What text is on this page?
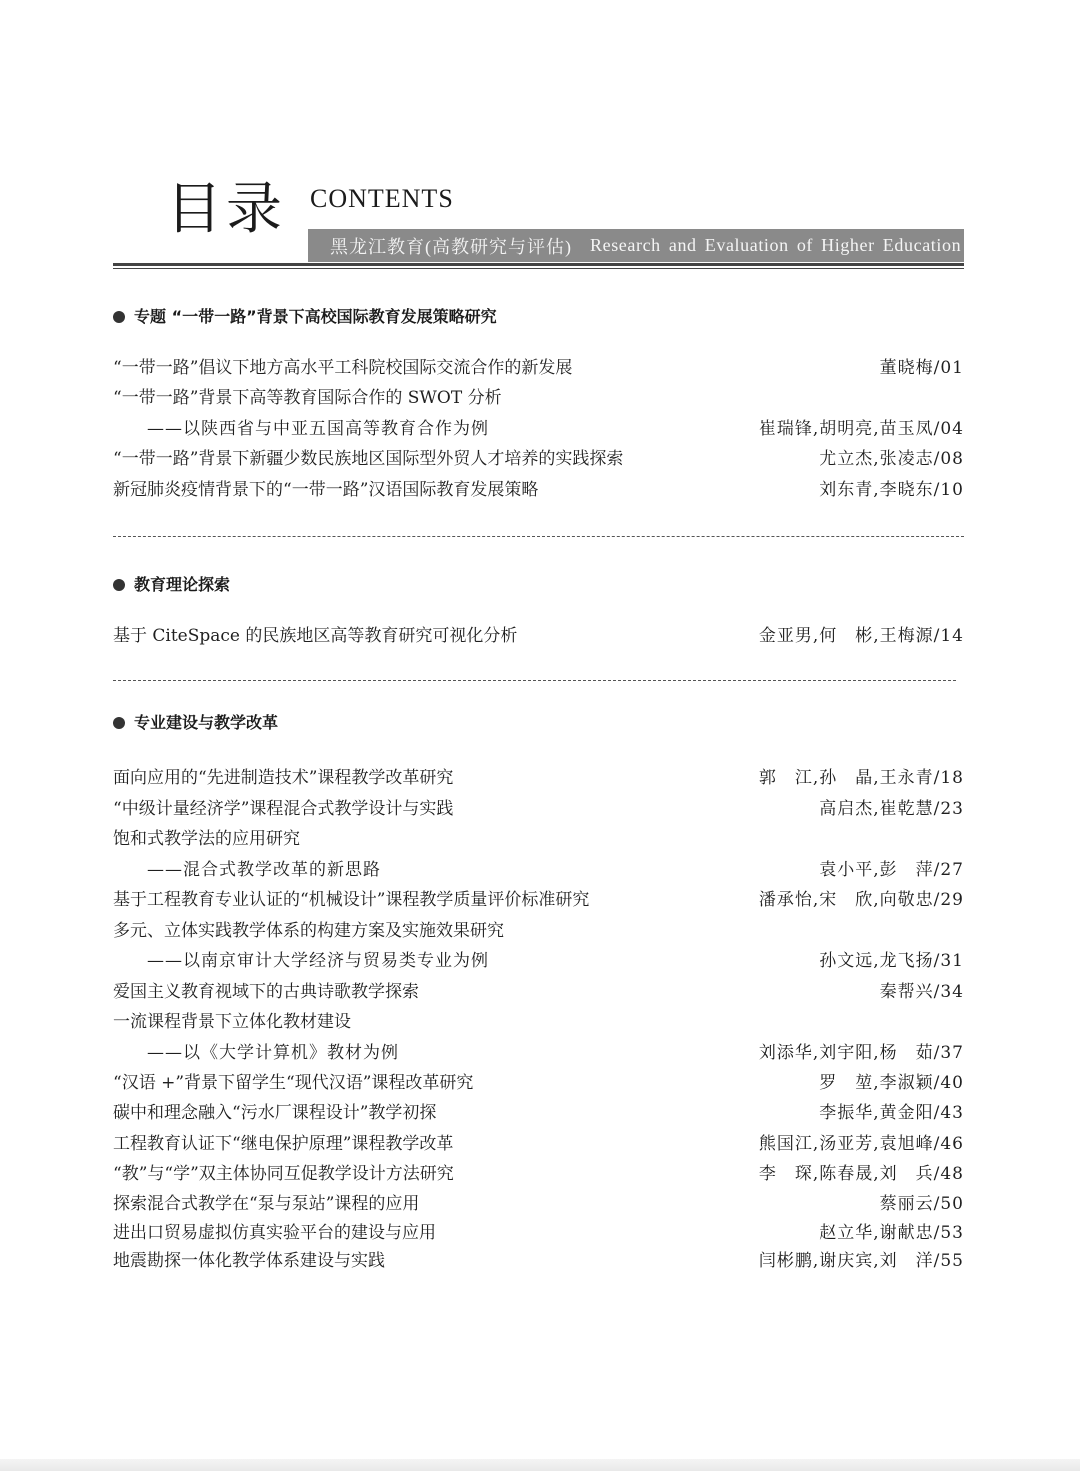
目录 CONTENTS
黑龙江教育(高教研究与评估) Research and Evaluation of Higher Education
专题 “一带一路”背景下高校国际教育发展策略研究
“一带一路”倡议下地方高水平工科院校国际交流合作的新发展	董晓梅/01
“一带一路”背景下高等教育国际合作的 SWOT 分析
——以陕西省与中亚五国高等教育合作为例	崔瑞锋,胡明亮,苗玉凤/04
“一带一路”背景下新疆少数民族地区国际型外贸人才培养的实践探索	尤立杰,张凌志/08
新冠肺炎疫情背景下的“一带一路”汉语国际教育发展策略	刘东青,李晓东/10
教育理论探索
基于 CiteSpace 的民族地区高等教育研究可视化分析	金亚男,何　彬,王梅源/14
专业建设与教学改革
面向应用的“先进制造技术”课程教学改革研究	郭　江,孙　晶,王永青/18
“中级计量经济学”课程混合式教学设计与实践	高启杰,崔乾慧/23
饱和式教学法的应用研究
——混合式教学改革的新思路	袁小平,彭　萍/27
基于工程教育专业认证的“机械设计”课程教学质量评价标准研究	潘承怡,宋　欣,向敬忠/29
多元、立体实践教学体系的构建方案及实施效果研究
——以南京审计大学经济与贸易类专业为例	孙文远,龙飞扬/31
爱国主义教育视域下的古典诗歌教学探索	秦帮兴/34
一流课程背景下立体化教材建设
——以《大学计算机》教材为例	刘添华,刘宇阳,杨　茹/37
“汉语 +”背景下留学生“现代汉语”课程改革研究	罗　堃,李淑颖/40
碳中和理念融入“污水厂课程设计”教学初探	李振华,黄金阳/43
工程教育认证下“继电保护原理”课程教学改革	熊国江,汤亚芳,袁旭峰/46
“教”与“学”双主体协同互促教学设计方法研究	李　琛,陈春晟,刘　兵/48
探索混合式教学在“泵与泵站”课程的应用	蔡丽云/50
进出口贸易虚拟仿真实验平台的建设与应用	赵立华,谢献忠/53
地震勘探一体化教学体系建设与实践	闫彬鹏,谢庆宾,刘　洋/55
